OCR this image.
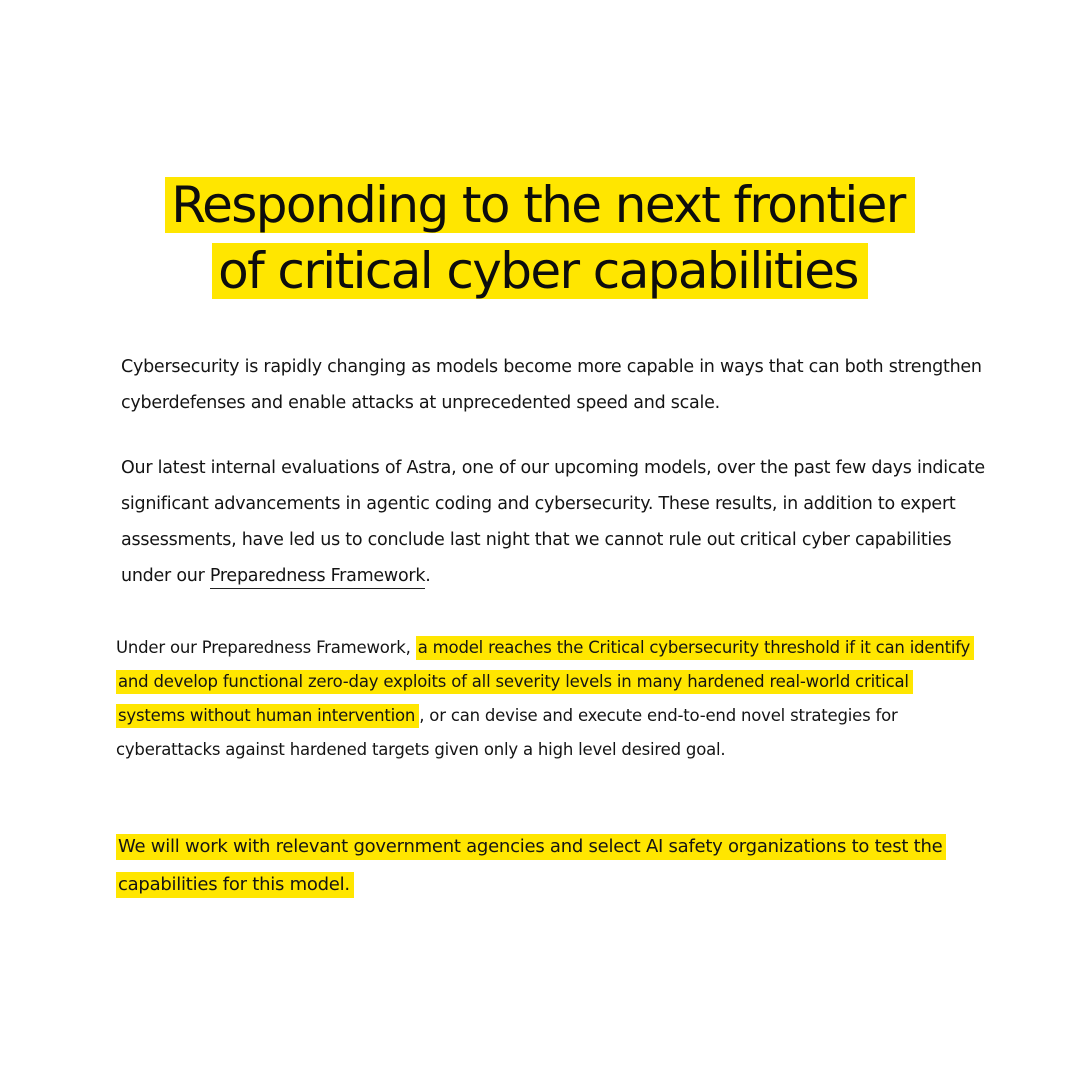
Responding to the next frontier
of critical cyber capabilities

Cybersecurity is rapidly changing as models become more capable in ways that can both strengthen cyberdefenses and enable attacks at unprecedented speed and scale.

Our latest internal evaluations of Astra, one of our upcoming models, over the past few days indicate significant advancements in agentic coding and cybersecurity. These results, in addition to expert assessments, have led us to conclude last night that we cannot rule out critical cyber capabilities under our Preparedness Framework.

Under our Preparedness Framework, a model reaches the Critical cybersecurity threshold if it can identify and develop functional zero-day exploits of all severity levels in many hardened real-world critical systems without human intervention , or can devise and execute end-to-end novel strategies for cyberattacks against hardened targets given only a high level desired goal.

We will work with relevant government agencies and select AI safety organizations to test the capabilities for this model.
